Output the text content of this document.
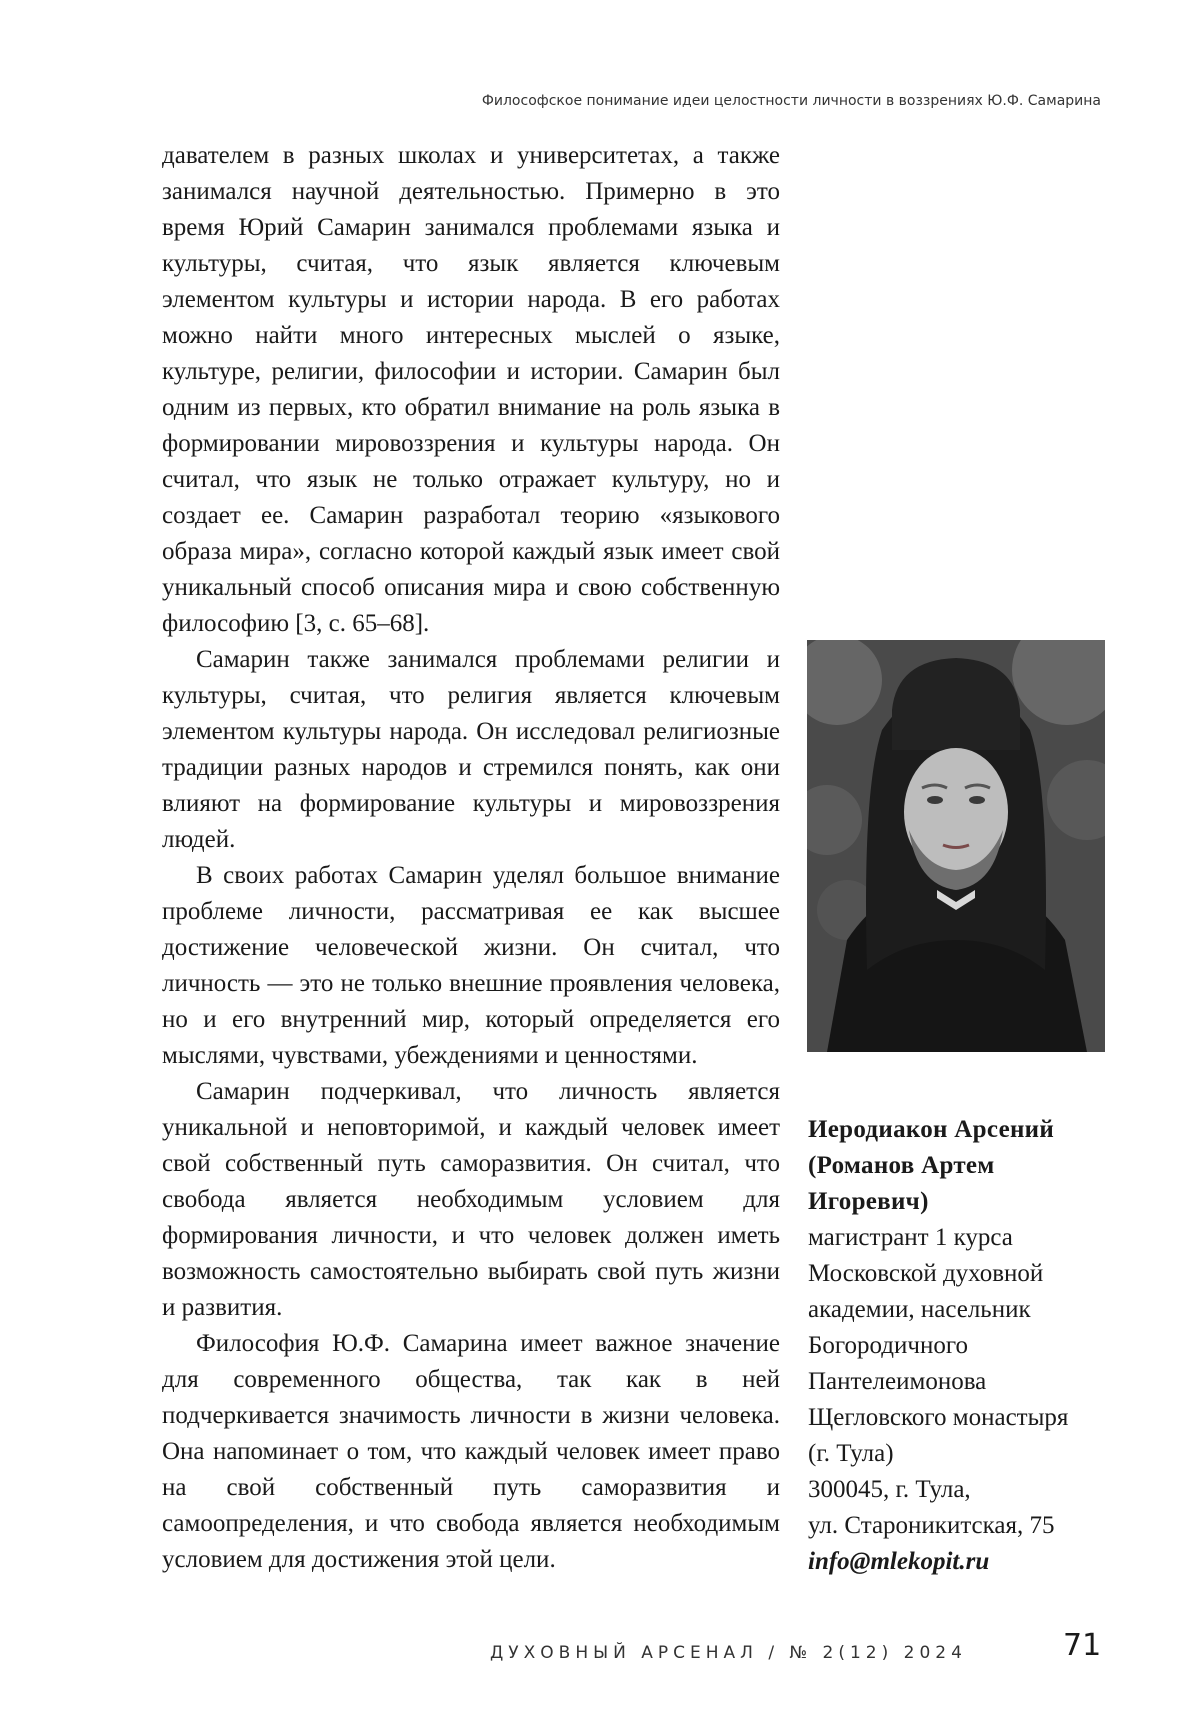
Философское понимание идеи целостности личности в воззрениях Ю.Ф. Самарина

давателем в разных школах и университетах, а также занимался научной деятельностью. Примерно в это время Юрий Самарин занимался проблемами языка и культуры, считая, что язык является ключевым элементом культуры и истории народа. В его работах можно найти много интересных мыслей о языке, культуре, религии, философии и истории. Самарин был одним из первых, кто обратил внимание на роль языка в формировании мировоззрения и культуры народа. Он считал, что язык не только отражает культуру, но и создает ее. Самарин разработал теорию «языкового образа мира», согласно которой каждый язык имеет свой уникальный способ описания мира и свою собственную философию [3, с. 65–68].

Самарин также занимался проблемами религии и культуры, считая, что религия является ключевым элементом культуры народа. Он исследовал религиозные традиции разных народов и стремился понять, как они влияют на формирование культуры и мировоззрения людей.

В своих работах Самарин уделял большое внимание проблеме личности, рассматривая ее как высшее достижение человеческой жизни. Он считал, что личность — это не только внешние проявления человека, но и его внутренний мир, который определяется его мыслями, чувствами, убеждениями и ценностями.

Самарин подчеркивал, что личность является уникальной и неповторимой, и каждый человек имеет свой собственный путь саморазвития. Он считал, что свобода является необходимым условием для формирования личности, и что человек должен иметь возможность самостоятельно выбирать свой путь жизни и развития.

Философия Ю.Ф. Самарина имеет важное значение для современного общества, так как в ней подчеркивается значимость личности в жизни человека. Она напоминает о том, что каждый человек имеет право на свой собственный путь саморазвития и самоопределения, и что свобода является необходимым условием для достижения этой цели.

Иеродиакон Арсений

(Романов Артем

Игоревич)

магистрант 1 курса

Московской духовной

академии, насельник

Богородичного

Пантелеимонова

Щегловского монастыря

(г. Тула)

300045, г. Тула,

ул. Староникитская, 75

info@mlekopit.ru

ДУХОВНЫЙ АРСЕНАЛ / № 2(12) 2024	71
